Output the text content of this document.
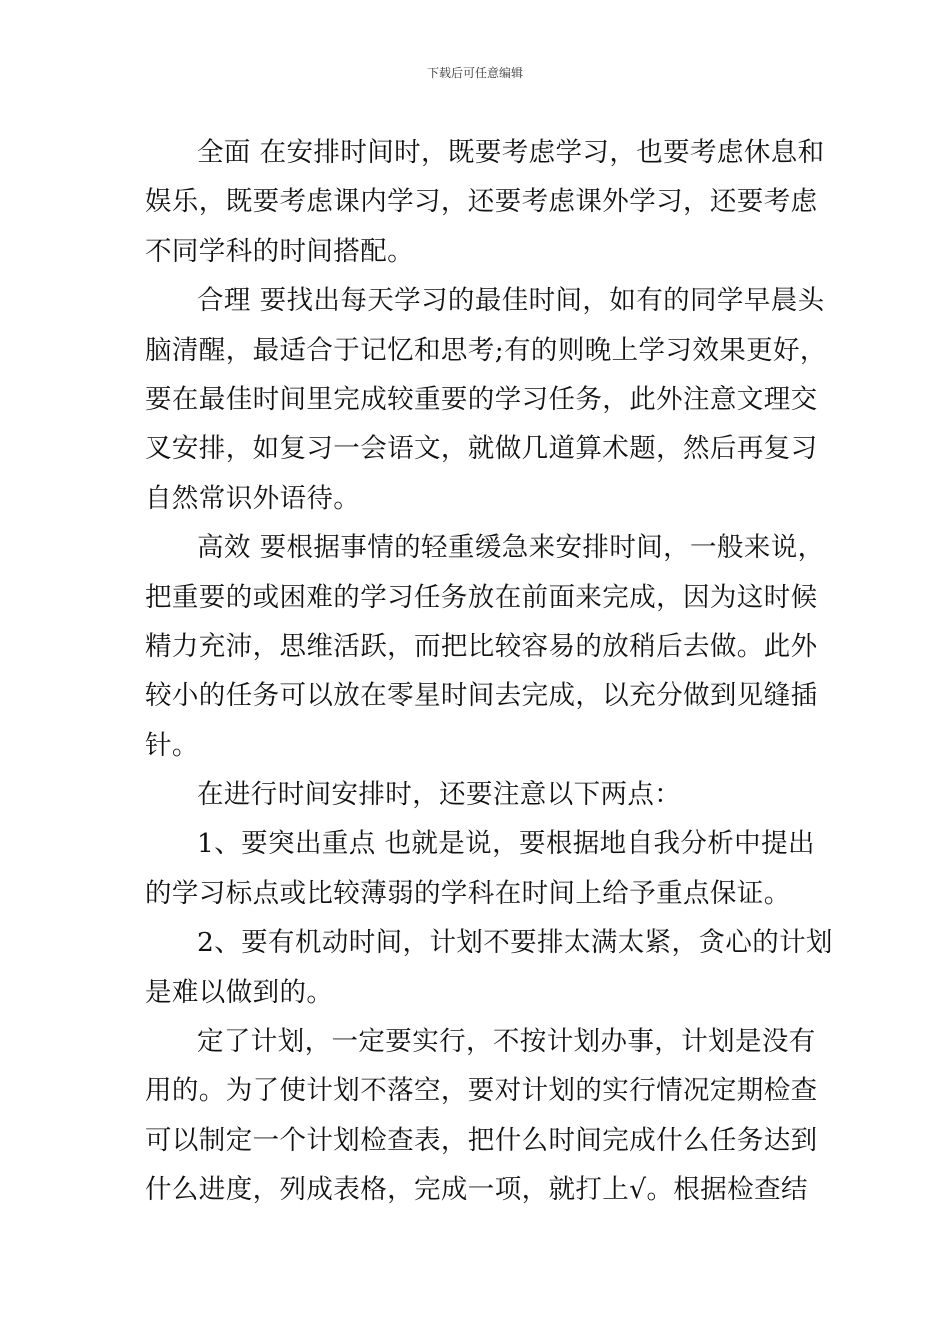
下载后可任意编辑
全面 在安排时间时，既要考虑学习，也要考虑休息和
娱乐，既要考虑课内学习，还要考虑课外学习，还要考虑
不同学科的时间搭配。
合理 要找出每天学习的最佳时间，如有的同学早晨头
脑清醒，最适合于记忆和思考;有的则晚上学习效果更好，
要在最佳时间里完成较重要的学习任务，此外注意文理交
叉安排，如复习一会语文，就做几道算术题，然后再复习
自然常识外语待。
高效 要根据事情的轻重缓急来安排时间，一般来说，
把重要的或困难的学习任务放在前面来完成，因为这时候
精力充沛，思维活跃，而把比较容易的放稍后去做。此外
较小的任务可以放在零星时间去完成，以充分做到见缝插
针。
在进行时间安排时，还要注意以下两点：
1、要突出重点 也就是说，要根据地自我分析中提出
的学习标点或比较薄弱的学科在时间上给予重点保证。
2、要有机动时间，计划不要排太满太紧，贪心的计划
是难以做到的。
定了计划，一定要实行，不按计划办事，计划是没有
用的。为了使计划不落空，要对计划的实行情况定期检查
可以制定一个计划检查表，把什么时间完成什么任务达到
什么进度，列成表格，完成一项，就打上√。根据检查结
